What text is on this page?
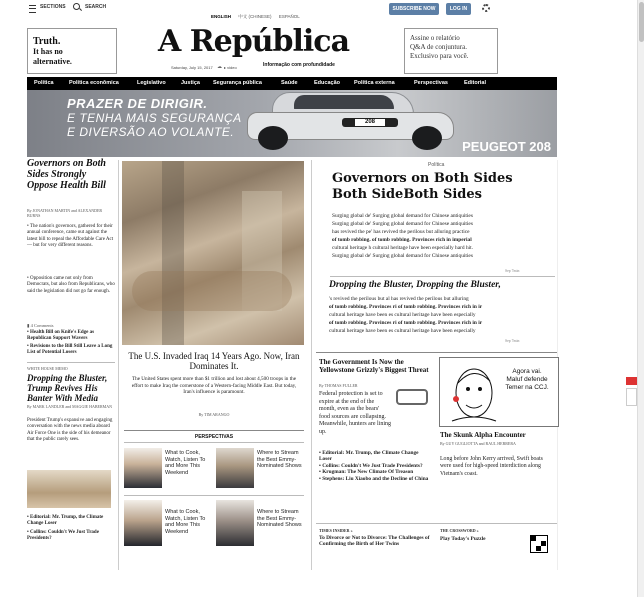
SECTIONS	SEARCH	SUBSCRIBE NOW	LOG IN
ENGLISH 中文 (CHINESE) ESPAÑOL
Truth.
It has no
alternative.
A República
Saturday, July 15, 2017 ☁ ▸ video	Informação com profundidade
Assine o relatório
Q&A de conjuntura.
Exclusivo para você.
Política	Política econômica	Legislativo	Justiça Segurança pública	Saúde	Educação	Política externa	Perspectivas	Editorial
PRAZER DE DIRIGIR.
E TENHA MAIS SEGURANÇA
E DIVERSÃO AO VOLANTE.
208
PEUGEOT 208
Governors on Both Sides Strongly Oppose Health Bill
By JONATHAN MARTIN and ALEXANDER BURNS
• The nation's governors, gathered for their annual conference, came out against the latest bill to repeal the Affordable Care Act — but for very different reasons.
• Opposition came not only from Democrats, but also from Republicans, who said the legislation did not go far enough.
▮ 4 Comments
• Health Bill on Knife's Edge as Republican Support Wavers
• Revisions to the Bill Still Leave a Long List of Potential Losers
WHITE HOUSE MEMO
Dropping the Bluster, Trump Revives His Banter With Media
By MARK LANDLER and MAGGIE HABERMAN
President Trump's expansive and engaging conversation with the news media aboard Air Force One is the side of his demeanor that the public rarely sees.
• Editorial: Mr. Trump, the Climate Change Loser
• Collins: Couldn't We Just Trade Presidents?
The U.S. Invaded Iraq 14 Years Ago. Now, Iran Dominates It.
The United States spent more than $1 trillion and lost about 4,500 troops in the effort to make Iraq the cornerstone of a Western-facing Middle East. But today, Iran's influence is paramount.
By TIM ARANGO
PERSPECTIVAS
What to Cook, Watch, Listen To and More This Weekend
Where to Stream the Best Emmy-Nominated Shows
What to Cook, Watch, Listen To and More This Weekend
Where to Stream the Best Emmy-Nominated Shows
Política
Governors on Both Sides Both SideBoth Sides
Surging global de' Surging global demand for Chinese antiquities
Surging global de' Surging global demand for Chinese antiquities
has revived the pe' has revived the perilous but alluring practice
of tomb robbing. of tomb robbing. Provinces rich in imperial
cultural heritage h cultural heritage have been especially hard hit.
Surging global de' Surging global demand for Chinese antiquities
Sep 7min
Dropping the Bluster, Dropping the Bluster,
's revived the perilous but al has revived the perilous but alluring
of tomb robbing. Provinces ri of tomb robbing. Provinces rich in ir
cultural heritage have been es cultural heritage have been especially
of tomb robbing. Provinces ri of tomb robbing. Provinces rich in ir
cultural heritage have been es cultural heritage have been especially
Sep 7min
The Government Is Now the Yellowstone Grizzly's Biggest Threat
By THOMAS FULLER
Federal protection is set to expire at the end of the month, even as the bears' food sources are collapsing. Meanwhile, hunters are lining up.
• Editorial: Mr. Trump, the Climate Change Loser
• Collins: Couldn't We Just Trade Presidents?
• Krugman: The New Climate Of Treason
• Stephens: Liu Xiaobo and the Decline of China
Agora vai. Maluf defende Temer na CCJ.
The Skunk Alpha Encounter
By GUY GUGLIOTTA and RAUL HERRERA
Long before John Kerry arrived, Swift boats were used for high-speed interdiction along Vietnam's coast.
TIMES INSIDER »
To Divorce or Not to Divorce: The Challenges of Confirming the Birth of Her Twins
THE CROSSWORD »
Play Today's Puzzle
